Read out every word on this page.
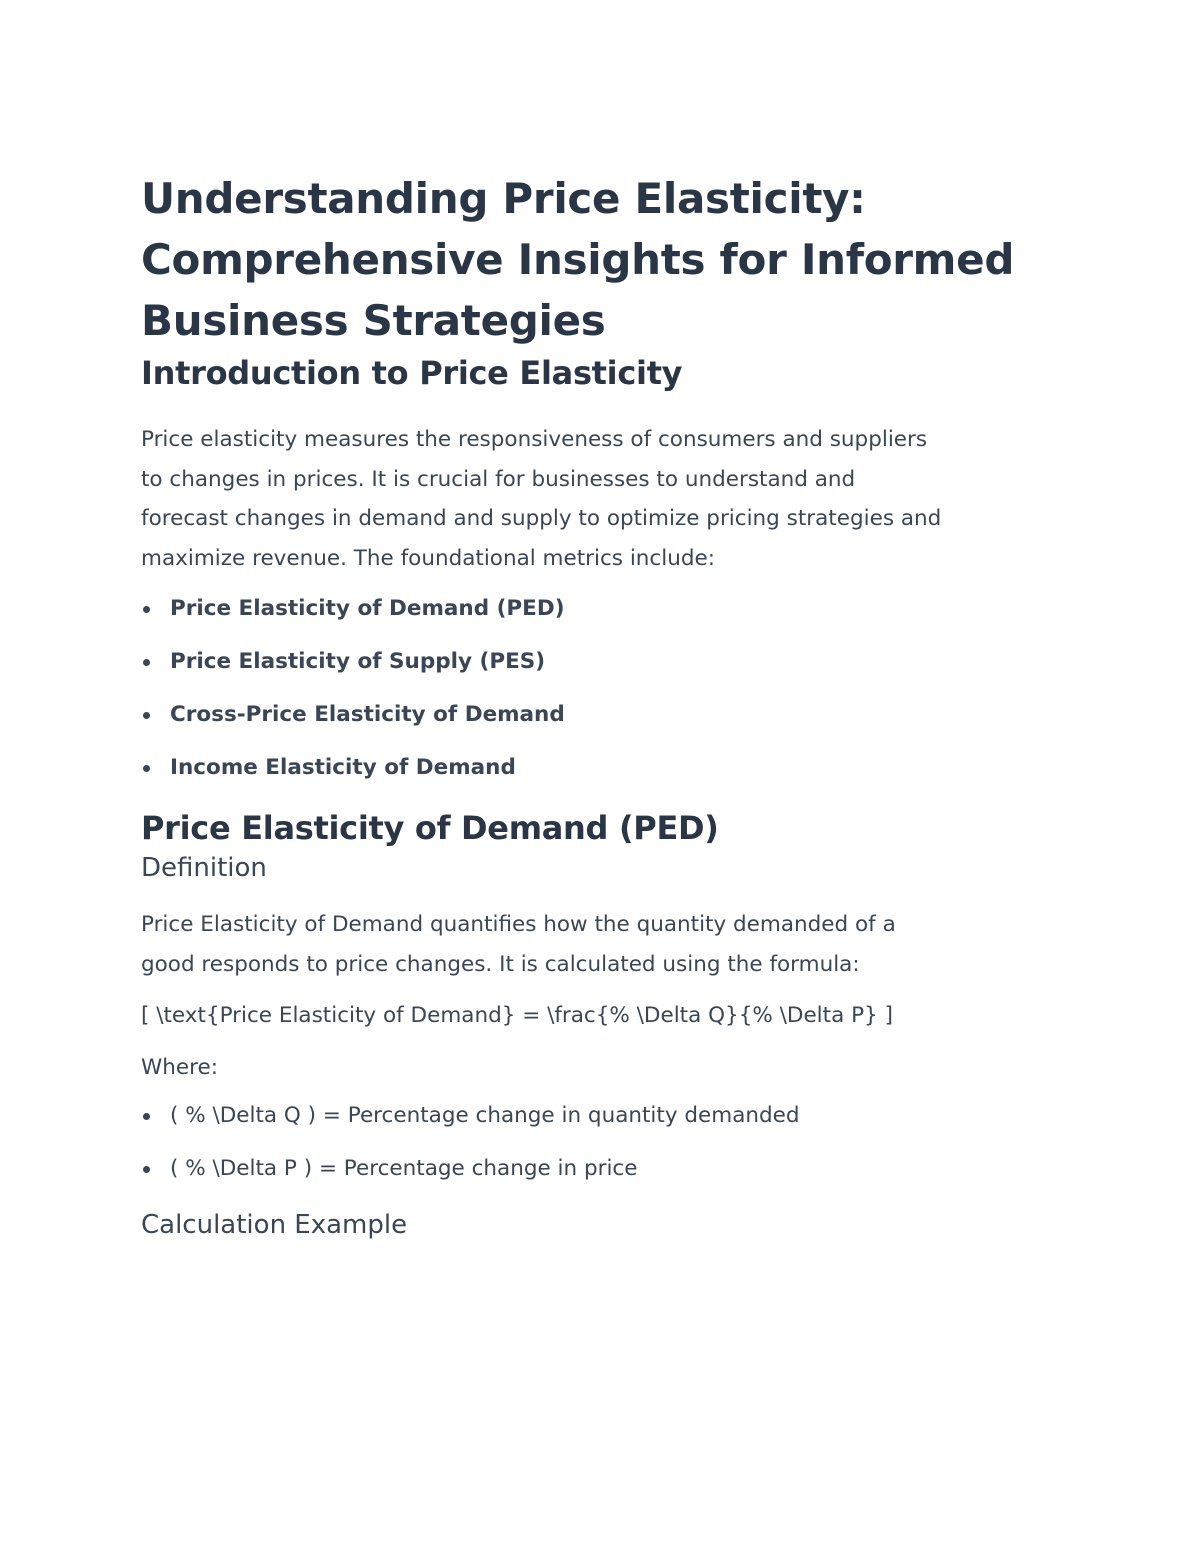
Understanding Price Elasticity:
Comprehensive Insights for Informed
Business Strategies
Introduction to Price Elasticity

Price elasticity measures the responsiveness of consumers and suppliers
to changes in prices. It is crucial for businesses to understand and
forecast changes in demand and supply to optimize pricing strategies and
maximize revenue. The foundational metrics include:

Price Elasticity of Demand (PED)
Price Elasticity of Supply (PES)
Cross-Price Elasticity of Demand
Income Elasticity of Demand
Price Elasticity of Demand (PED)
Definition

Price Elasticity of Demand quantifies how the quantity demanded of a
good responds to price changes. It is calculated using the formula:

[ \text{Price Elasticity of Demand} = \frac{% \Delta Q}{% \Delta P} ]

Where:

( % \Delta Q ) = Percentage change in quantity demanded
( % \Delta P ) = Percentage change in price
Calculation Example
